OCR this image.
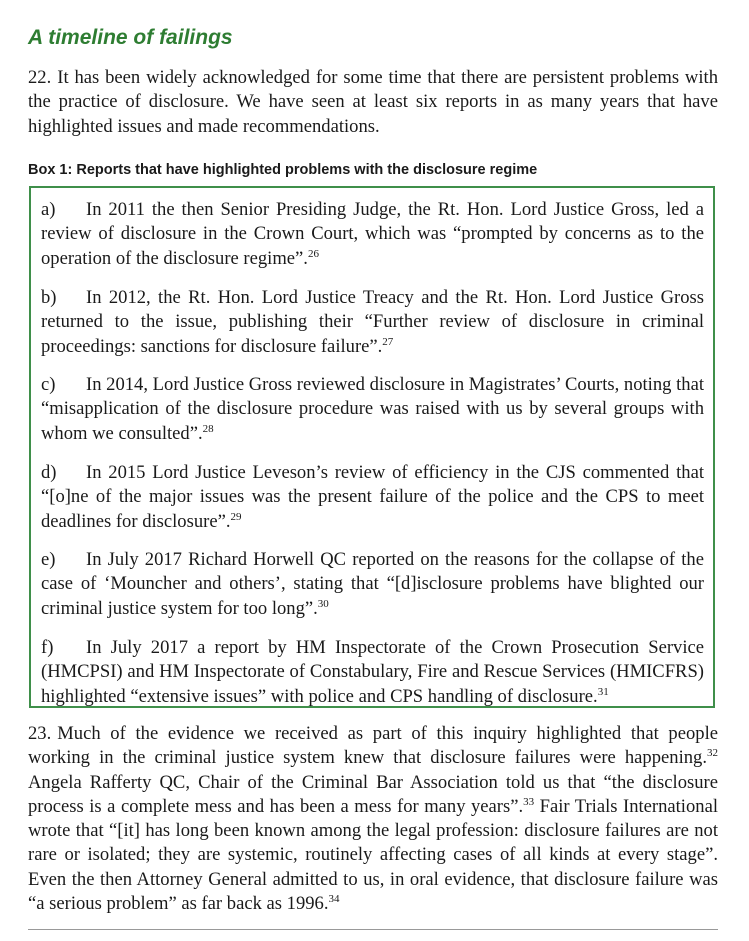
A timeline of failings

22. It has been widely acknowledged for some time that there are persistent problems with the practice of disclosure. We have seen at least six reports in as many years that have highlighted issues and made recommendations.

Box 1: Reports that have highlighted problems with the disclosure regime

a) In 2011 the then Senior Presiding Judge, the Rt. Hon. Lord Justice Gross, led a review of disclosure in the Crown Court, which was “prompted by concerns as to the operation of the disclosure regime”.$^{26}$

b) In 2012, the Rt. Hon. Lord Justice Treacy and the Rt. Hon. Lord Justice Gross returned to the issue, publishing their “Further review of disclosure in criminal proceedings: sanctions for disclosure failure”.$^{27}$

c) In 2014, Lord Justice Gross reviewed disclosure in Magistrates’ Courts, noting that “misapplication of the disclosure procedure was raised with us by several groups with whom we consulted”.$^{28}$

d) In 2015 Lord Justice Leveson’s review of efficiency in the CJS commented that “[o]ne of the major issues was the present failure of the police and the CPS to meet deadlines for disclosure”.$^{29}$

e) In July 2017 Richard Horwell QC reported on the reasons for the collapse of the case of ‘Mouncher and others’, stating that “[d]isclosure problems have blighted our criminal justice system for too long”.$^{30}$

f) In July 2017 a report by HM Inspectorate of the Crown Prosecution Service (HMCPSI) and HM Inspectorate of Constabulary, Fire and Rescue Services (HMICFRS) highlighted “extensive issues” with police and CPS handling of disclosure.$^{31}$

23. Much of the evidence we received as part of this inquiry highlighted that people working in the criminal justice system knew that disclosure failures were happening.$^{32}$ Angela Rafferty QC, Chair of the Criminal Bar Association told us that “the disclosure process is a complete mess and has been a mess for many years”.$^{33}$ Fair Trials International wrote that “[it] has long been known among the legal profession: disclosure failures are not rare or isolated; they are systemic, routinely affecting cases of all kinds at every stage”. Even the then Attorney General admitted to us, in oral evidence, that disclosure failure was “a serious problem” as far back as 1996.34
